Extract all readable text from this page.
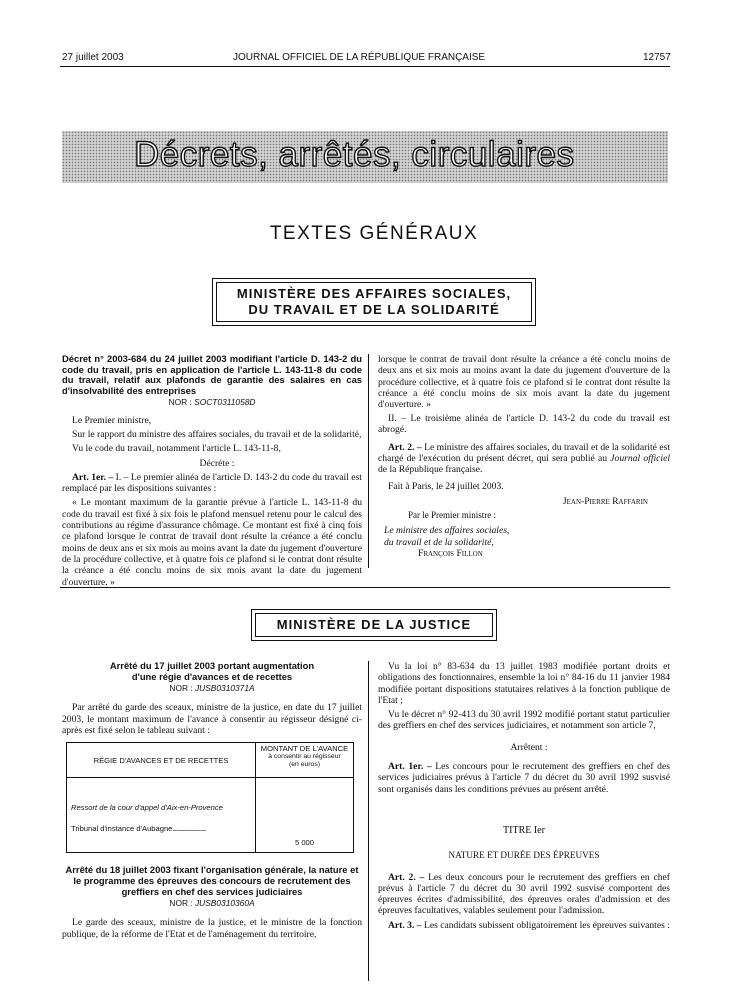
27 juillet 2003	JOURNAL OFFICIEL DE LA RÉPUBLIQUE FRANÇAISE	12757
Décrets, arrêtés, circulaires
TEXTES GÉNÉRAUX
MINISTÈRE DES AFFAIRES SOCIALES,
DU TRAVAIL ET DE LA SOLIDARITÉ
Décret n° 2003-684 du 24 juillet 2003 modifiant l'article D. 143-2 du code du travail, pris en application de l'article L. 143-11-8 du code du travail, relatif aux plafonds de garantie des salaires en cas d'insolvabilité des entreprises
NOR : SOCT0311058D

Le Premier ministre,

Sur le rapport du ministre des affaires sociales, du travail et de la solidarité,

Vu le code du travail, notamment l'article L. 143-11-8,

Décrète :

Art. 1er. – I. – Le premier alinéa de l'article D. 143-2 du code du travail est remplacé par les dispositions suivantes :

« Le montant maximum de la garantie prévue à l'article L. 143-11-8 du code du travail est fixé à six fois le plafond mensuel retenu pour le calcul des contributions au régime d'assurance chômage. Ce montant est fixé à cinq fois ce plafond lorsque le contrat de travail dont résulte la créance a été conclu moins de deux ans et six mois au moins avant la date du jugement d'ouverture de la procédure collective, et à quatre fois ce plafond si le contrat dont résulte la créance a été conclu moins de six mois avant la date du jugement d'ouverture. »

lorsque le contrat de travail dont résulte la créance a été conclu moins de deux ans et six mois au moins avant la date du jugement d'ouverture de la procédure collective, et à quatre fois ce plafond si le contrat dont résulte la créance a été conclu moins de six mois avant la date du jugement d'ouverture. »

II. – Le troisième alinéa de l'article D. 143-2 du code du travail est abrogé.

Art. 2. – Le ministre des affaires sociales, du travail et de la solidarité est chargé de l'exécution du présent décret, qui sera publié au Journal officiel de la République française.

Fait à Paris, le 24 juillet 2003.

Jean-Pierre Raffarin
Par le Premier ministre :
Le ministre des affaires sociales,
du travail et de la solidarité,
François Fillon
MINISTÈRE DE LA JUSTICE
Arrêté du 17 juillet 2003 portant augmentation
d'une régie d'avances et de recettes
NOR : JUSB0310371A

Par arrêté du garde des sceaux, ministre de la justice, en date du 17 juillet 2003, le montant maximum de l'avance à consentir au régisseur désigné ci-après est fixé selon le tableau suivant :

RÉGIE D'AVANCES ET DE RECETTES	MONTANT DE L'AVANCE
à consentir au régisseur
(en euros)

Ressort de la cour d'appel d'Aix-en-Provence
Tribunal d'instance d'Aubagne..............................	5 000
Arrêté du 18 juillet 2003 fixant l'organisation générale, la nature et le programme des épreuves des concours de recrutement des greffiers en chef des services judiciaires
NOR : JUSB0310360A

Le garde des sceaux, ministre de la justice, et le ministre de la fonction publique, de la réforme de l'Etat et de l'aménagement du territoire,

Vu la loi n° 83-634 du 13 juillet 1983 modifiée portant droits et obligations des fonctionnaires, ensemble la loi n° 84-16 du 11 janvier 1984 modifiée portant dispositions statutaires relatives à la fonction publique de l'Etat ;

Vu le décret n° 92-413 du 30 avril 1992 modifié portant statut particulier des greffiers en chef des services judiciaires, et notamment son article 7,

Arrêtent :

Art. 1er. – Les concours pour le recrutement des greffiers en chef des services judiciaires prévus à l'article 7 du décret du 30 avril 1992 susvisé sont organisés dans les conditions prévues au présent arrêté.

TITRE Ier
NATURE ET DURÉE DES ÉPREUVES

Art. 2. – Les deux concours pour le recrutement des greffiers en chef prévus à l'article 7 du décret du 30 avril 1992 susvisé comportent des épreuves écrites d'admissibilité, des épreuves orales d'admission et des épreuves facultatives, valables seulement pour l'admission.

Art. 3. – Les candidats subissent obligatoirement les épreuves suivantes :
